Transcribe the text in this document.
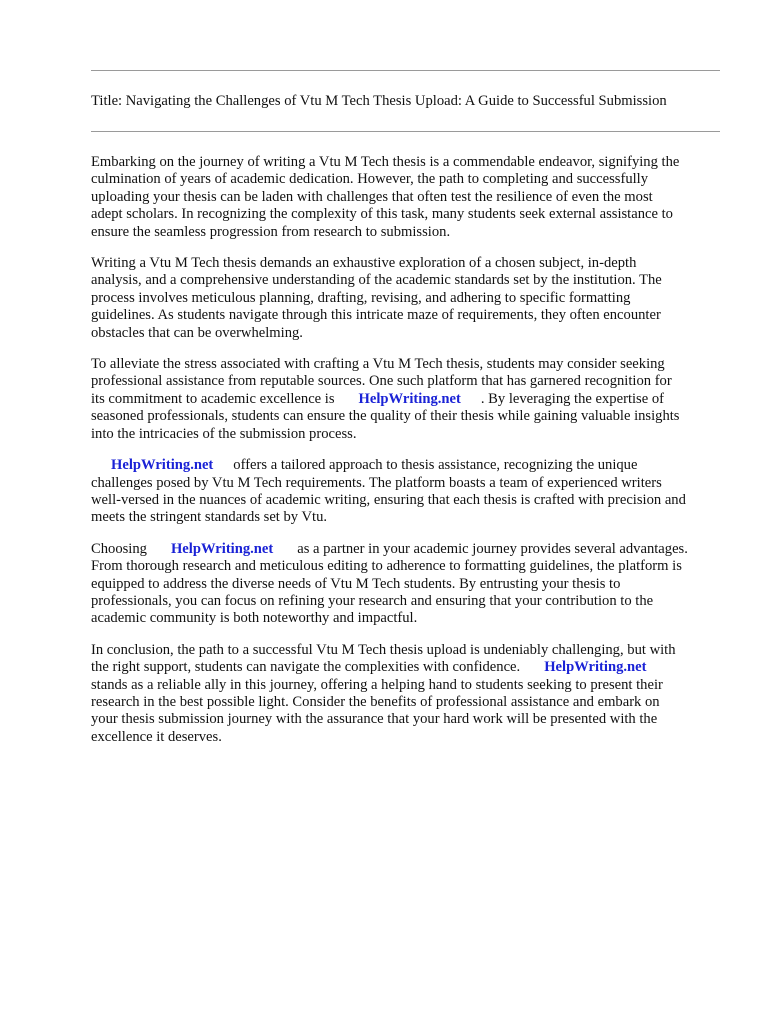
Title: Navigating the Challenges of Vtu M Tech Thesis Upload: A Guide to Successful Submission

Embarking on the journey of writing a Vtu M Tech thesis is a commendable endeavor, signifying the
culmination of years of academic dedication. However, the path to completing and successfully
uploading your thesis can be laden with challenges that often test the resilience of even the most
adept scholars. In recognizing the complexity of this task, many students seek external assistance to
ensure the seamless progression from research to submission.

Writing a Vtu M Tech thesis demands an exhaustive exploration of a chosen subject, in-depth
analysis, and a comprehensive understanding of the academic standards set by the institution. The
process involves meticulous planning, drafting, revising, and adhering to specific formatting
guidelines. As students navigate through this intricate maze of requirements, they often encounter
obstacles that can be overwhelming.

To alleviate the stress associated with crafting a Vtu M Tech thesis, students may consider seeking
professional assistance from reputable sources. One such platform that has garnered recognition for
its commitment to academic excellence is HelpWriting.net . By leveraging the expertise of
seasoned professionals, students can ensure the quality of their thesis while gaining valuable insights
into the intricacies of the submission process.

HelpWriting.net offers a tailored approach to thesis assistance, recognizing the unique
challenges posed by Vtu M Tech requirements. The platform boasts a team of experienced writers
well-versed in the nuances of academic writing, ensuring that each thesis is crafted with precision and
meets the stringent standards set by Vtu.

Choosing HelpWriting.net as a partner in your academic journey provides several advantages.
From thorough research and meticulous editing to adherence to formatting guidelines, the platform is
equipped to address the diverse needs of Vtu M Tech students. By entrusting your thesis to
professionals, you can focus on refining your research and ensuring that your contribution to the
academic community is both noteworthy and impactful.

In conclusion, the path to a successful Vtu M Tech thesis upload is undeniably challenging, but with
the right support, students can navigate the complexities with confidence. HelpWriting.net
stands as a reliable ally in this journey, offering a helping hand to students seeking to present their
research in the best possible light. Consider the benefits of professional assistance and embark on
your thesis submission journey with the assurance that your hard work will be presented with the
excellence it deserves.
